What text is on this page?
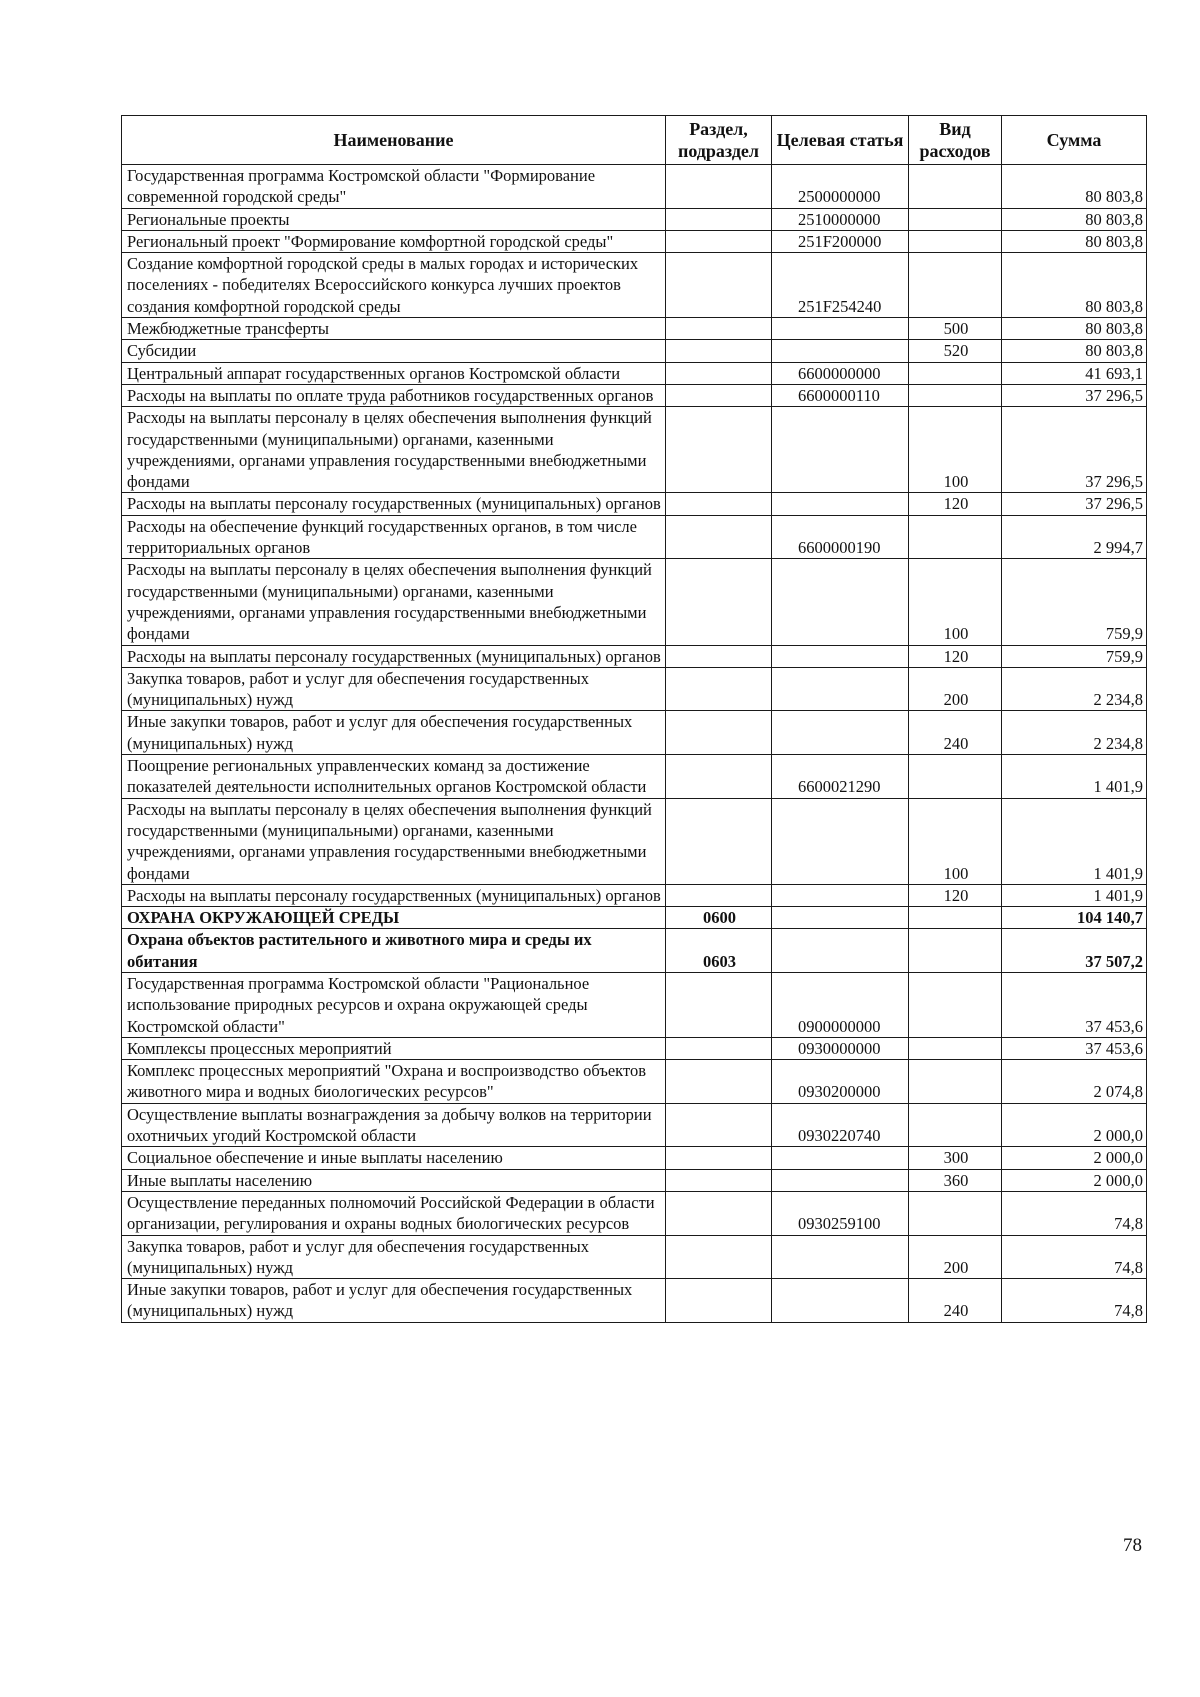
Наименование	Раздел, подраздел	Целевая статья	Вид расходов	Сумма
Государственная программа Костромской области "Формирование современной городской среды"		2500000000		80 803,8
Региональные проекты		2510000000		80 803,8
Региональный проект "Формирование комфортной городской среды"		251F200000		80 803,8
Создание комфортной городской среды в малых городах и исторических поселениях - победителях Всероссийского конкурса лучших проектов создания комфортной городской среды		251F254240		80 803,8
Межбюджетные трансферты			500	80 803,8
Субсидии			520	80 803,8
Центральный аппарат государственных органов Костромской области		6600000000		41 693,1
Расходы на выплаты по оплате труда работников государственных органов		6600000110		37 296,5
Расходы на выплаты персоналу в целях обеспечения выполнения функций государственными (муниципальными) органами, казенными учреждениями, органами управления государственными внебюджетными фондами			100	37 296,5
Расходы на выплаты персоналу государственных (муниципальных) органов			120	37 296,5
Расходы на обеспечение функций государственных органов, в том числе территориальных органов		6600000190		2 994,7
Расходы на выплаты персоналу в целях обеспечения выполнения функций государственными (муниципальными) органами, казенными учреждениями, органами управления государственными внебюджетными фондами			100	759,9
Расходы на выплаты персоналу государственных (муниципальных) органов			120	759,9
Закупка товаров, работ и услуг для обеспечения государственных (муниципальных) нужд			200	2 234,8
Иные закупки товаров, работ и услуг для обеспечения государственных (муниципальных) нужд			240	2 234,8
Поощрение региональных управленческих команд за достижение показателей деятельности исполнительных органов Костромской области		6600021290		1 401,9
Расходы на выплаты персоналу в целях обеспечения выполнения функций государственными (муниципальными) органами, казенными учреждениями, органами управления государственными внебюджетными фондами			100	1 401,9
Расходы на выплаты персоналу государственных (муниципальных) органов			120	1 401,9
ОХРАНА ОКРУЖАЮЩЕЙ СРЕДЫ	0600			104 140,7
Охрана объектов растительного и животного мира и среды их обитания	0603			37 507,2
Государственная программа Костромской области "Рациональное использование природных ресурсов и охрана окружающей среды Костромской области"		0900000000		37 453,6
Комплексы процессных мероприятий		0930000000		37 453,6
Комплекс процессных мероприятий "Охрана и воспроизводство объектов животного мира и водных биологических ресурсов"		0930200000		2 074,8
Осуществление выплаты вознаграждения за добычу волков на территории охотничьих угодий Костромской области		0930220740		2 000,0
Социальное обеспечение и иные выплаты населению			300	2 000,0
Иные выплаты населению			360	2 000,0
Осуществление переданных полномочий Российской Федерации в области организации, регулирования и охраны водных биологических ресурсов		0930259100		74,8
Закупка товаров, работ и услуг для обеспечения государственных (муниципальных) нужд			200	74,8
Иные закупки товаров, работ и услуг для обеспечения государственных (муниципальных) нужд			240	74,8
78
